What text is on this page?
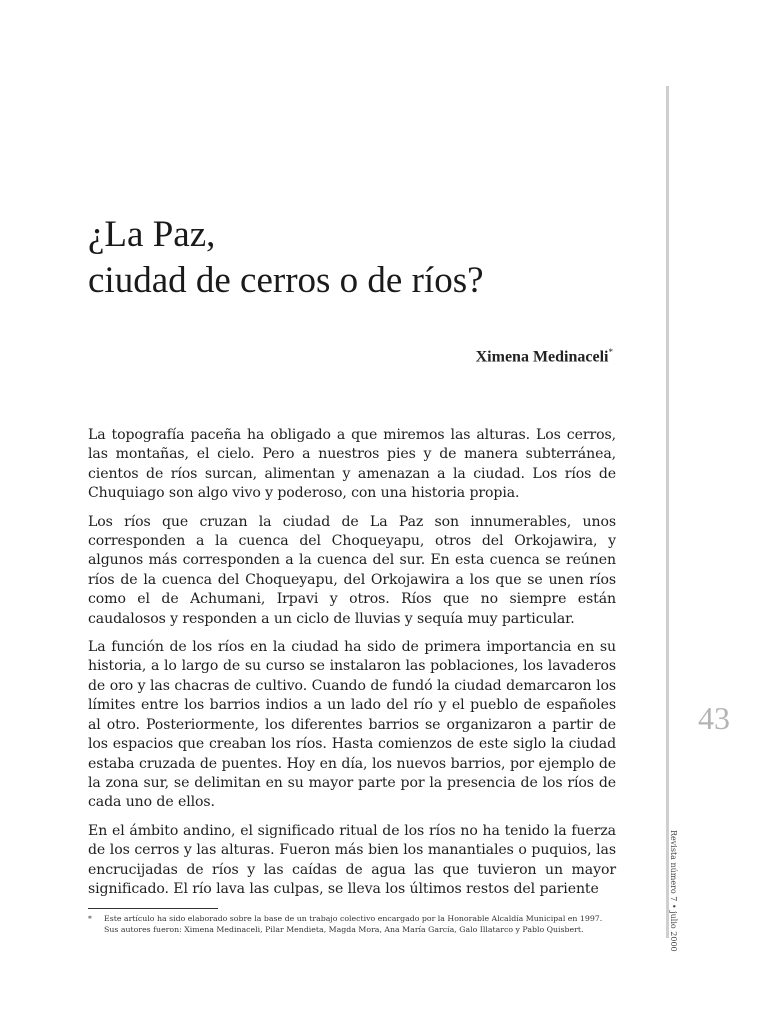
¿La Paz,
ciudad de cerros o de ríos?
Ximena Medinaceli*

La topografía paceña ha obligado a que miremos las alturas. Los cerros, las montañas, el cielo. Pero a nuestros pies y de manera subterránea, cientos de ríos surcan, alimentan y amenazan a la ciudad. Los ríos de Chuquiago son algo vivo y poderoso, con una historia propia.

Los ríos que cruzan la ciudad de La Paz son innumerables, unos corresponden a la cuenca del Choqueyapu, otros del Orkojawira, y algunos más corresponden a la cuenca del sur. En esta cuenca se reúnen ríos de la cuenca del Choqueyapu, del Orkojawira a los que se unen ríos como el de Achumani, Irpavi y otros. Ríos que no siempre están caudalosos y responden a un ciclo de lluvias y sequía muy particular.

La función de los ríos en la ciudad ha sido de primera importancia en su historia, a lo largo de su curso se instalaron las poblaciones, los lavaderos de oro y las chacras de cultivo. Cuando de fundó la ciudad demarcaron los límites entre los barrios indios a un lado del río y el pueblo de españoles al otro. Posteriormente, los diferentes barrios se organizaron a partir de los espacios que creaban los ríos. Hasta comienzos de este siglo la ciudad estaba cruzada de puentes. Hoy en día, los nuevos barrios, por ejemplo de la zona sur, se delimitan en su mayor parte por la presencia de los ríos de cada uno de ellos.

En el ámbito andino, el significado ritual de los ríos no ha tenido la fuerza de los cerros y las alturas. Fueron más bien los manantiales o puquios, las encrucijadas de ríos y las caídas de agua las que tuvieron un mayor significado. El río lava las culpas, se lleva los últimos restos del pariente

*	Este artículo ha sido elaborado sobre la base de un trabajo colectivo encargado por la Honorable Alcaldía Municipal en 1997. Sus autores fueron: Ximena Medinaceli, Pilar Mendieta, Magda Mora, Ana María García, Galo Illatarco y Pablo Quisbert.
43
Revista número 7 • julio 2000
